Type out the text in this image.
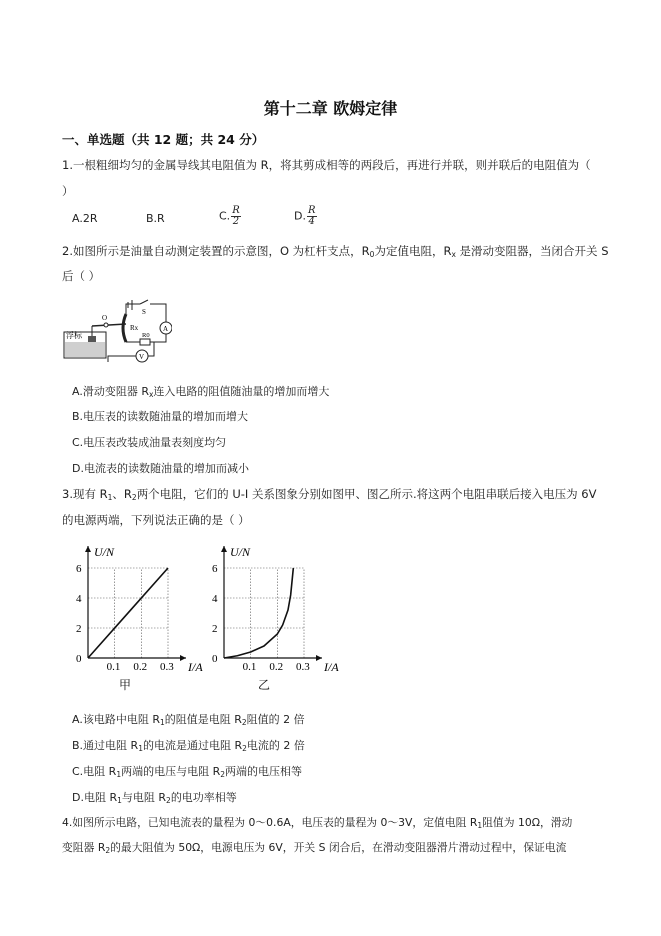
第十二章 欧姆定律
一、单选题（共 12 题；共 24 分）
1.一根粗细均匀的金属导线其电阻值为 R，将其剪成相等的两段后，再进行并联，则并联后的电阻值为（
）
A.2R	B.R	C. $\frac{R}{2}$	D. $\frac{R}{4}$
2.如图所示是油量自动测定装置的示意图，O 为杠杆支点，$R_0$为定值电阻，$R_x$ 是滑动变阻器，当闭合开关 S
后（ ）
浮标
O
Rx
S
A
R0
V
A.滑动变阻器 $R_x$连入电路的阻值随油量的增加而增大
B.电压表的读数随油量的增加而增大
C.电压表改装成油量表刻度均匀
D.电流表的读数随油量的增加而减小
3.现有 $R_1$、$R_2$两个电阻，它们的 U-I 关系图象分别如图甲、图乙所示.将这两个电阻串联后接入电压为 6V
的电源两端，下列说法正确的是（ ）
0.1 0.2 0.3
0
2
4
6
I/A
U/N
0.1 0.2 0.3
0
2
4
6
I/A
U/N
甲	乙
A.该电路中电阻 $R_1$的阻值是电阻 $R_2$阻值的 2 倍
B.通过电阻 $R_1$的电流是通过电阻 $R_2$电流的 2 倍
C.电阻 $R_1$两端的电压与电阻 $R_2$两端的电压相等
D.电阻 $R_1$与电阻 $R_2$的电功率相等
4.如图所示电路，已知电流表的量程为 0～0.6A，电压表的量程为 0～3V，定值电阻 $R_1$阻值为 10Ω，滑动
变阻器 $R_2$的最大阻值为 50Ω，电源电压为 6V，开关 S 闭合后，在滑动变阻器滑片滑动过程中，保证电流
